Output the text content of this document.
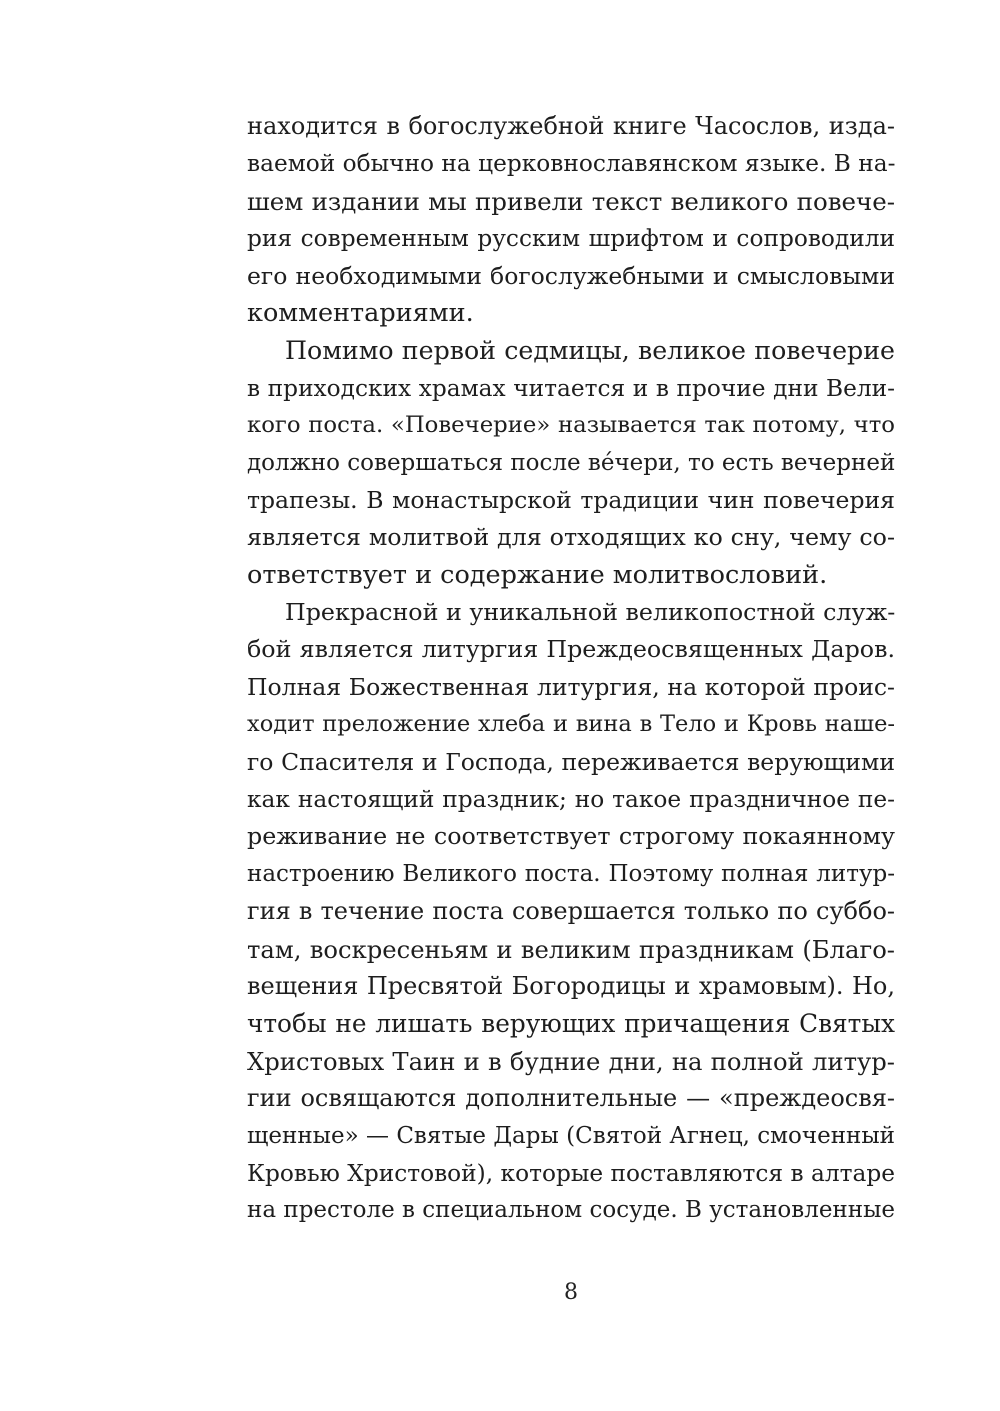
находится в богослужебной книге Часослов, изда-
ваемой обычно на церковнославянском языке. В на-
шем издании мы привели текст великого повече-
рия современным русским шрифтом и сопроводили
его необходимыми богослужебными и смысловыми
комментариями.
Помимо первой седмицы, великое повечерие
в приходских храмах читается и в прочие дни Вели-
кого поста. «Повечерие» называется так потому, что
должно совершаться после ве́чери, то есть вечерней
трапезы. В монастырской традиции чин повечерия
является молитвой для отходящих ко сну, чему со-
ответствует и содержание молитвословий.
Прекрасной и уникальной великопостной служ-
бой является литургия Преждеосвященных Даров.
Полная Божественная литургия, на которой проис-
ходит преложение хлеба и вина в Тело и Кровь наше-
го Спасителя и Господа, переживается верующими
как настоящий праздник; но такое праздничное пе-
реживание не соответствует строгому покаянному
настроению Великого поста. Поэтому полная литур-
гия в течение поста совершается только по суббо-
там, воскресеньям и великим праздникам (Благо-
вещения Пресвятой Богородицы и храмовым). Но,
чтобы не лишать верующих причащения Святых
Христовых Таин и в будние дни, на полной литур-
гии освящаются дополнительные — «преждеосвя-
щенные» — Святые Дары (Святой Агнец, смоченный
Кровью Христовой), которые поставляются в алтаре
на престоле в специальном сосуде. В установленные
8
